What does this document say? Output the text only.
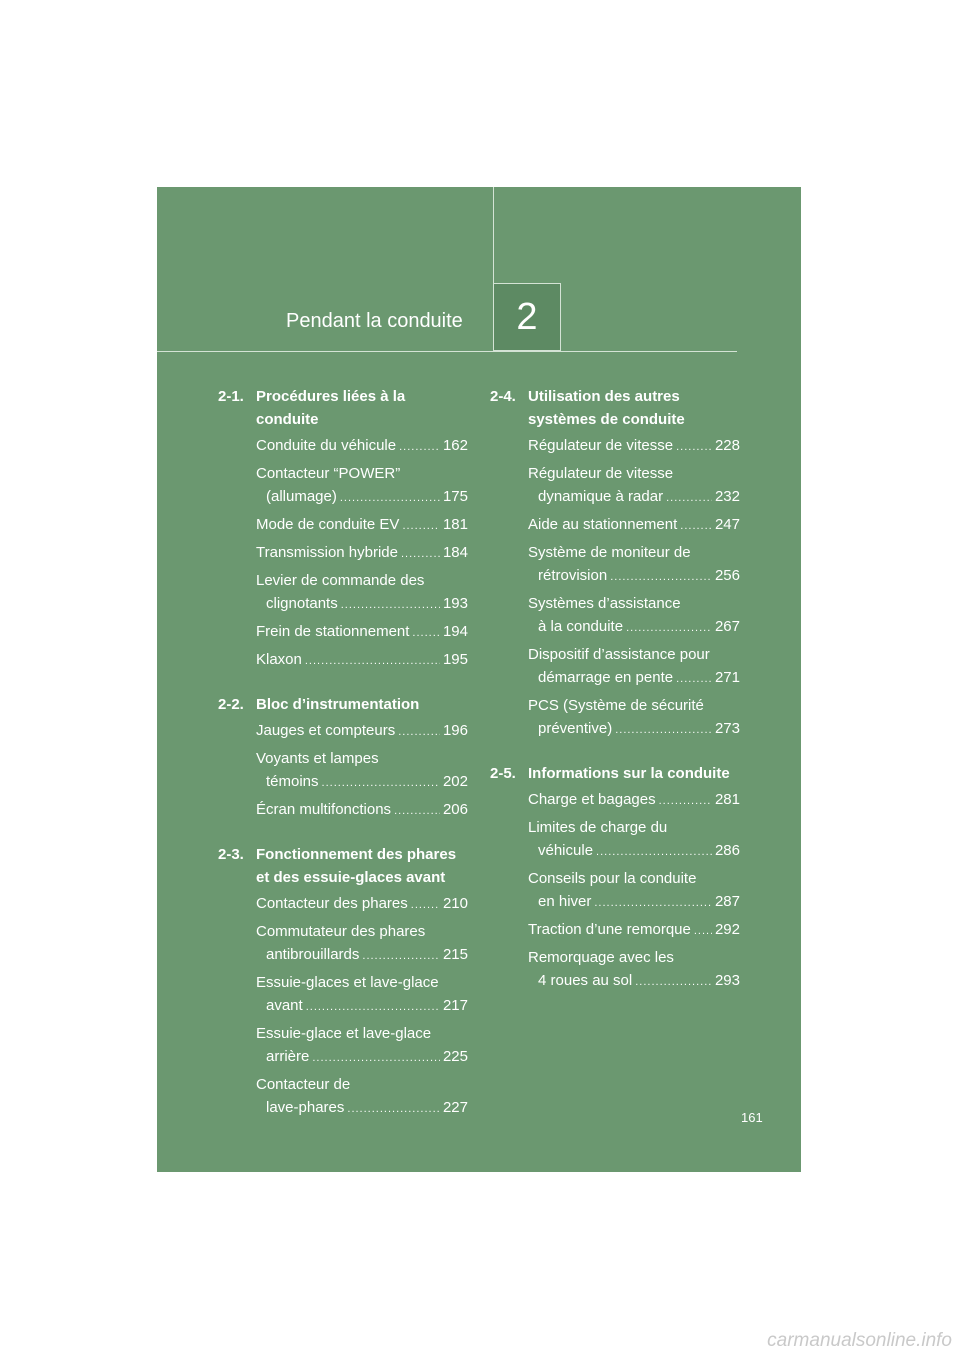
2
Pendant la conduite
2-1. Procédures liées à la conduite
Conduite du véhicule .....	162
Contacteur “POWER”
(allumage) .....	175
Mode de conduite EV .....	181
Transmission hybride .....	184
Levier de commande des
clignotants .....	193
Frein de stationnement ..... 194
Klaxon .....	195
2-2. Bloc d’instrumentation
Jauges et compteurs .....	196
Voyants et lampes
témoins .....	202
Écran multifonctions .....	206
2-3. Fonctionnement des phares et des essuie-glaces avant
Contacteur des phares ..... 210
Commutateur des phares
antibrouillards .....	215
Essuie-glaces et lave-glace
avant .....	217
Essuie-glace et lave-glace
arrière .....	225
Contacteur de
lave-phares .....	227
2-4. Utilisation des autres systèmes de conduite
Régulateur de vitesse .....	228
Régulateur de vitesse
dynamique à radar .....	232
Aide au stationnement .....	247
Système de moniteur de
rétrovision .....	256
Systèmes d’assistance
à la conduite .....	267
Dispositif d’assistance pour
démarrage en pente .....	271
PCS (Système de sécurité
préventive) .....	273
2-5. Informations sur la conduite
Charge et bagages .....	281
Limites de charge du
véhicule .....	286
Conseils pour la conduite
en hiver .....	287
Traction d’une remorque ..... 292
Remorquage avec les
4 roues au sol .....	293
161
carmanualsonline.info
